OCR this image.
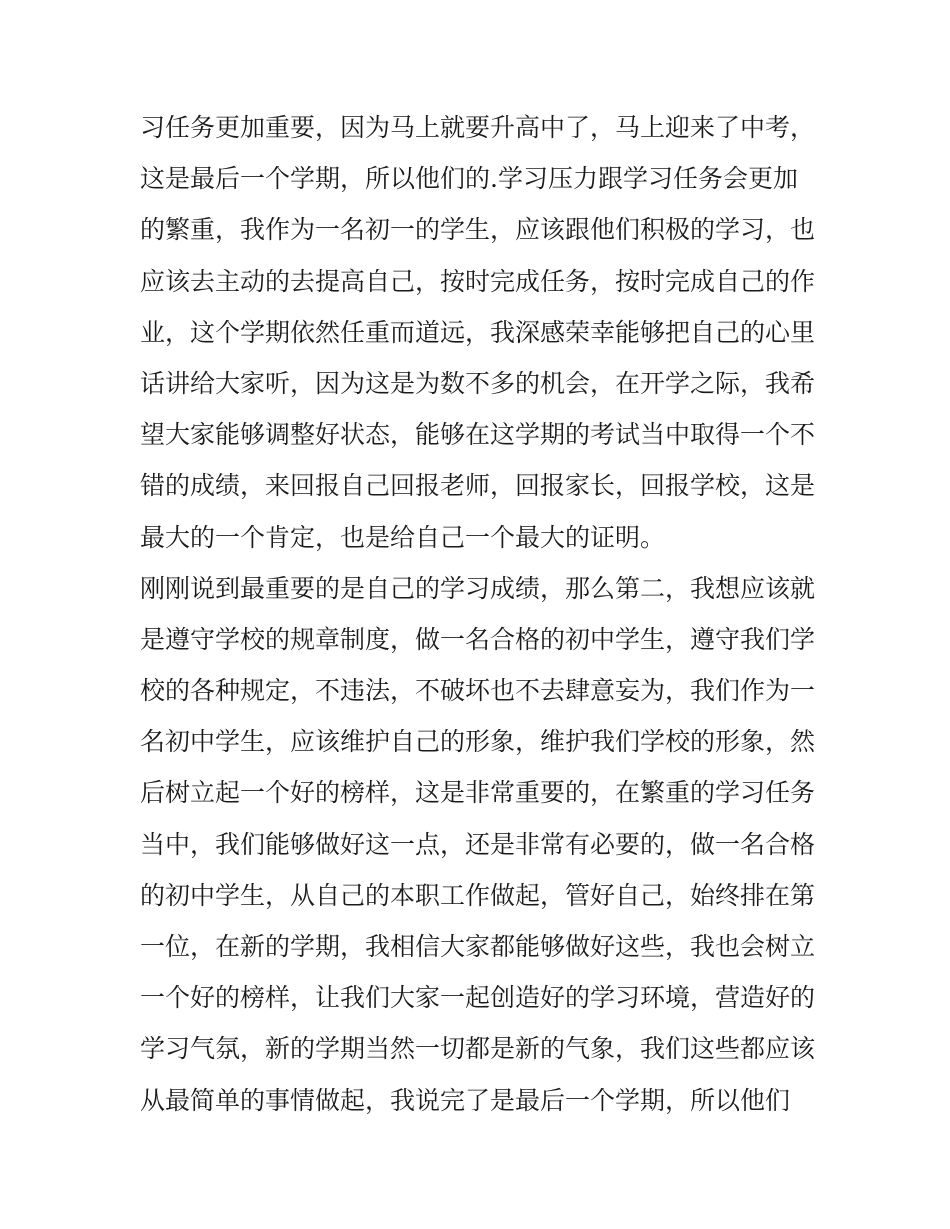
习任务更加重要，因为马上就要升高中了，马上迎来了中考，
这是最后一个学期，所以他们的.学习压力跟学习任务会更加
的繁重，我作为一名初一的学生，应该跟他们积极的学习，也
应该去主动的去提高自己，按时完成任务，按时完成自己的作
业，这个学期依然任重而道远，我深感荣幸能够把自己的心里
话讲给大家听，因为这是为数不多的机会，在开学之际，我希
望大家能够调整好状态，能够在这学期的考试当中取得一个不
错的成绩，来回报自己回报老师，回报家长，回报学校，这是
最大的一个肯定，也是给自己一个最大的证明。
刚刚说到最重要的是自己的学习成绩，那么第二，我想应该就
是遵守学校的规章制度，做一名合格的初中学生，遵守我们学
校的各种规定，不违法，不破坏也不去肆意妄为，我们作为一
名初中学生，应该维护自己的形象，维护我们学校的形象，然
后树立起一个好的榜样，这是非常重要的，在繁重的学习任务
当中，我们能够做好这一点，还是非常有必要的，做一名合格
的初中学生，从自己的本职工作做起，管好自己，始终排在第
一位，在新的学期，我相信大家都能够做好这些，我也会树立
一个好的榜样，让我们大家一起创造好的学习环境，营造好的
学习气氛，新的学期当然一切都是新的气象，我们这些都应该
从最简单的事情做起，我说完了是最后一个学期，所以他们
